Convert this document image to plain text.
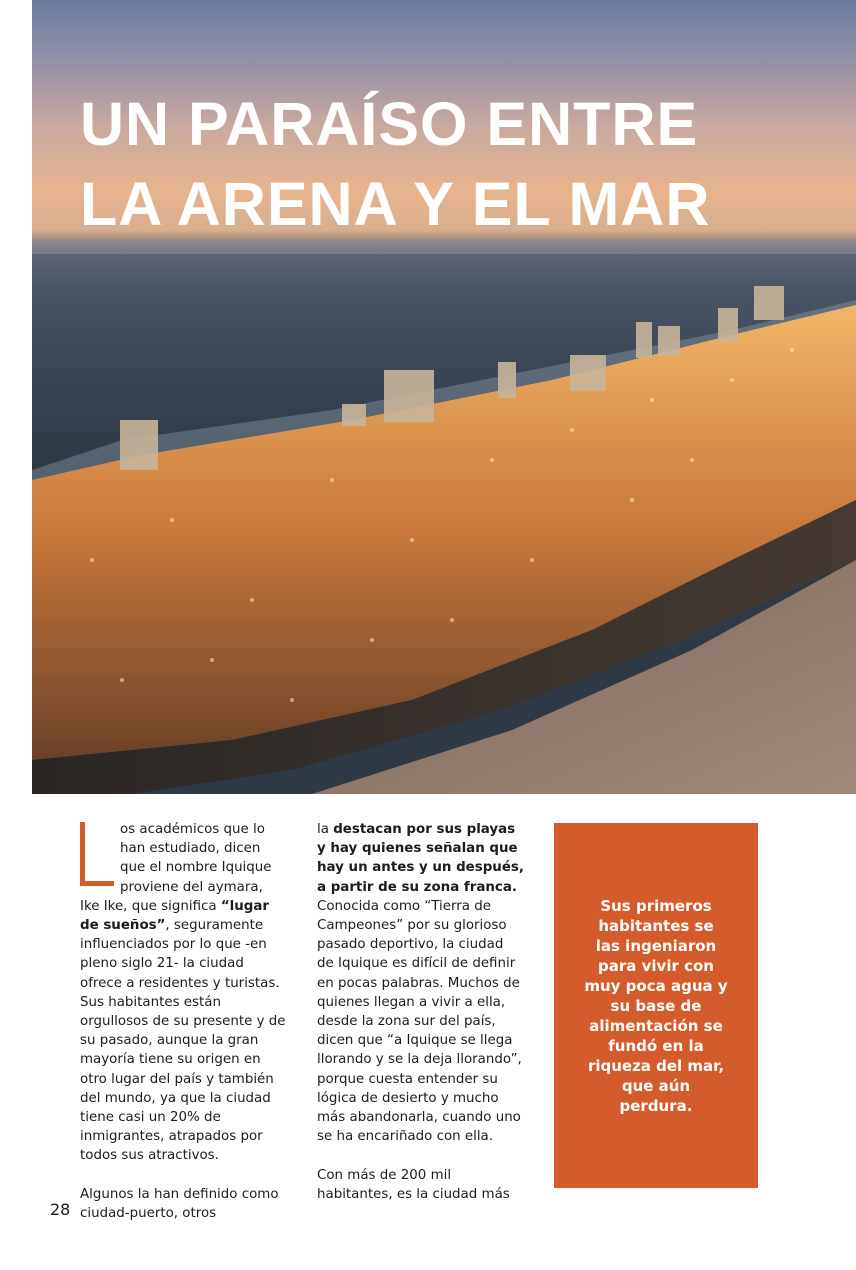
UN PARAÍSO ENTRE
LA ARENA Y EL MAR

os académicos que lo han estudiado, dicen que el nombre Iquique proviene del aymara, Ike Ike, que significa “lugar de sueños”, seguramente influenciados por lo que -en pleno siglo 21- la ciudad ofrece a residentes y turistas. Sus habitantes están orgullosos de su presente y de su pasado, aunque la gran mayoría tiene su origen en otro lugar del país y también del mundo, ya que la ciudad tiene casi un 20% de inmigrantes, atrapados por todos sus atractivos.

Algunos la han definido como ciudad-puerto, otros

la destacan por sus playas y hay quienes señalan que hay un antes y un después, a partir de su zona franca. Conocida como “Tierra de Campeones” por su glorioso pasado deportivo, la ciudad de Iquique es difícil de definir en pocas palabras. Muchos de quienes llegan a vivir a ella, desde la zona sur del país, dicen que “a Iquique se llega llorando y se la deja llorando”, porque cuesta entender su lógica de desierto y mucho más abandonarla, cuando uno se ha encariñado con ella.

Con más de 200 mil habitantes, es la ciudad más

Sus primeros habitantes se las ingeniaron para vivir con muy poca agua y su base de alimentación se fundó en la riqueza del mar, que aún perdura.

28
